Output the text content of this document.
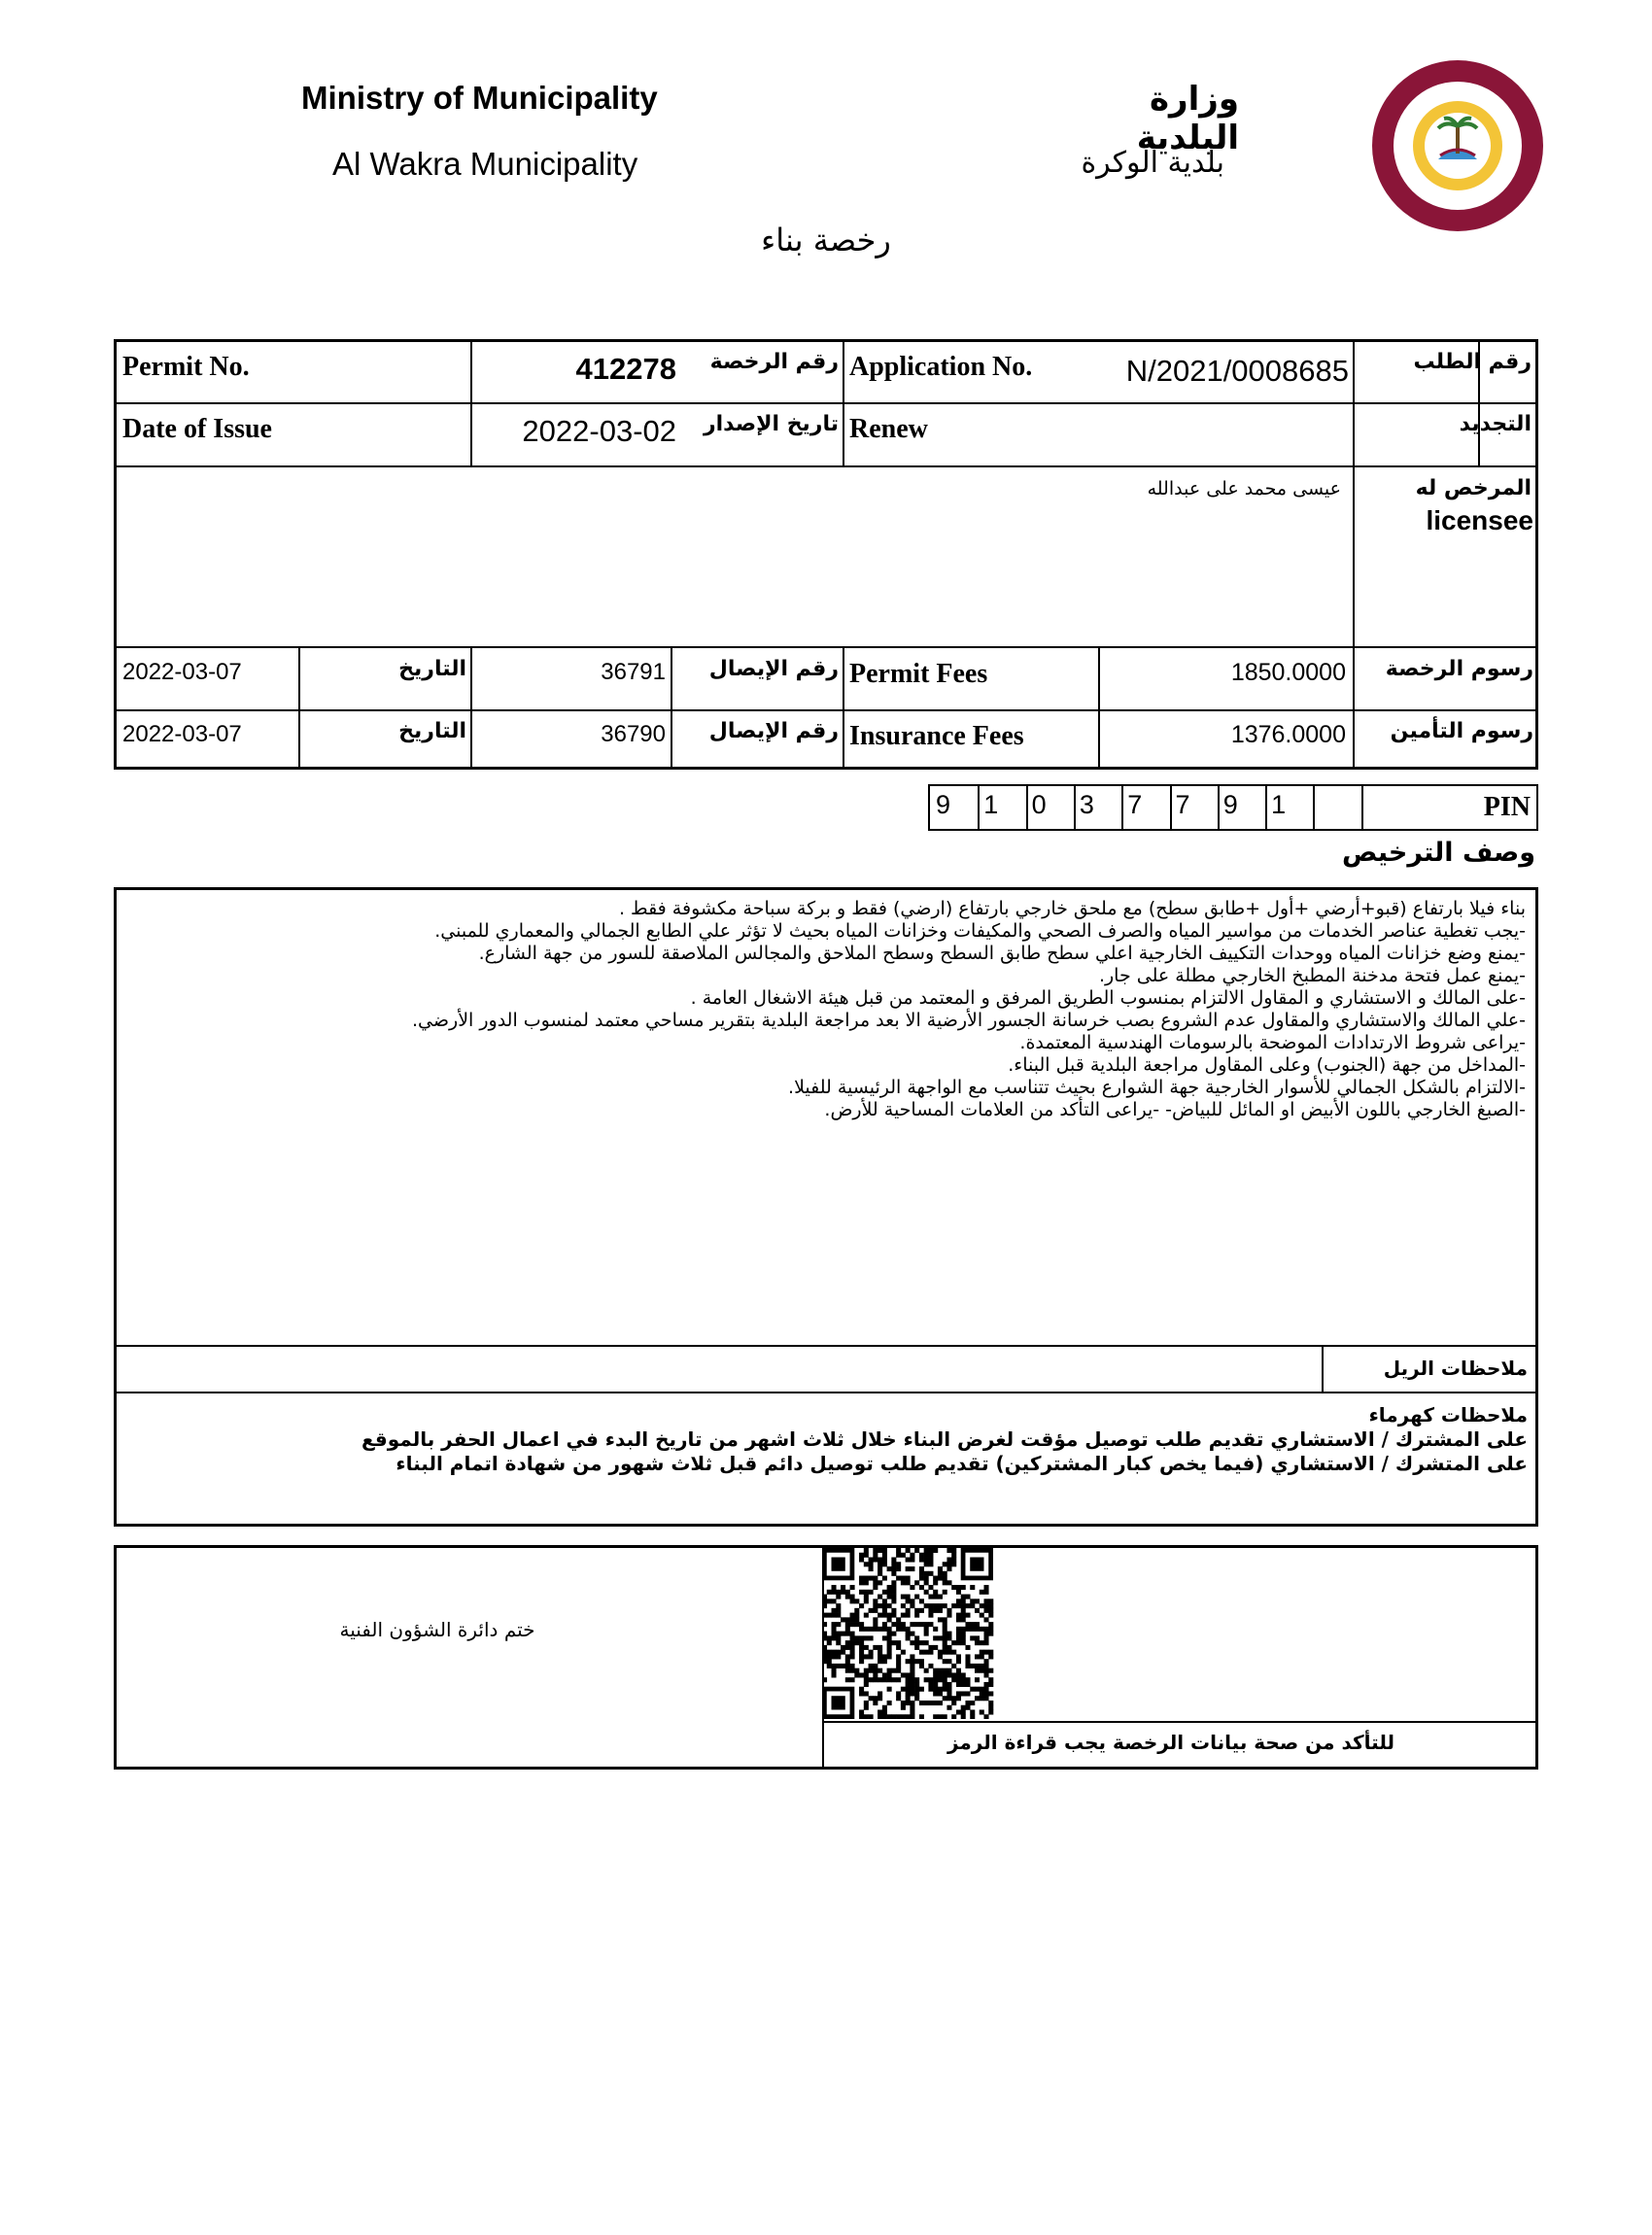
Ministry of Municipality
Al Wakra Municipality
وزارة البلدية
بلدية الوكرة
رخصة بناء
Permit No.	412278	رقم الرخصة Application No.	N/2021/0008685	رقم الطلب
Date of Issue	2022-03-02	تاريخ الإصدار Renew	التجديد
عيسى محمد على عبدالله	المرخص له
licensee
2022-03-07	التاريخ	36791	رقم الإيصال Permit Fees	1850.0000	رسوم الرخصة
2022-03-07	التاريخ	36790	رقم الإيصال Insurance Fees	1376.0000	رسوم التأمين
9 1 0 3 7 7 9 1	PIN
وصف الترخيص
بناء فيلا بارتفاع (قبو+أرضي +أول +طابق سطح) مع ملحق خارجي بارتفاع (ارضي) فقط و بركة سباحة مكشوفة فقط .
-يجب تغطية عناصر الخدمات من مواسير المياه والصرف الصحي والمكيفات وخزانات المياه بحيث لا تؤثر علي الطابع الجمالي والمعماري للمبني.
-يمنع وضع خزانات المياه ووحدات التكييف الخارجية اعلي سطح طابق السطح وسطح الملاحق والمجالس الملاصقة للسور من جهة الشارع.
-يمنع عمل فتحة مدخنة المطبخ الخارجي مطلة على جار.
-على المالك و الاستشاري و المقاول الالتزام بمنسوب الطريق المرفق و المعتمد من قبل هيئة الاشغال العامة .
-علي المالك والاستشاري والمقاول عدم الشروع بصب خرسانة الجسور الأرضية الا بعد مراجعة البلدية بتقرير مساحي معتمد لمنسوب الدور الأرضي.
-يراعى شروط الارتدادات الموضحة بالرسومات الهندسية المعتمدة.
-المداخل من جهة (الجنوب) وعلى المقاول مراجعة البلدية قبل البناء.
-الالتزام بالشكل الجمالي للأسوار الخارجية جهة الشوارع بحيث تتناسب مع الواجهة الرئيسية للفيلا.
-الصبغ الخارجي باللون الأبيض او المائل للبياض- -يراعى التأكد من العلامات المساحية للأرض.
ملاحظات الريل
ملاحظات كهرماء
على المشترك / الاستشاري تقديم طلب توصيل مؤقت لغرض البناء خلال ثلاث اشهر من تاريخ البدء في اعمال الحفر بالموقع
على المتشرك / الاستشاري (فيما يخص كبار المشتركين) تقديم طلب توصيل دائم قبل ثلاث شهور من شهادة اتمام البناء
ختم دائرة الشؤون الفنية
للتأكد من صحة بيانات الرخصة يجب قراءة الرمز
